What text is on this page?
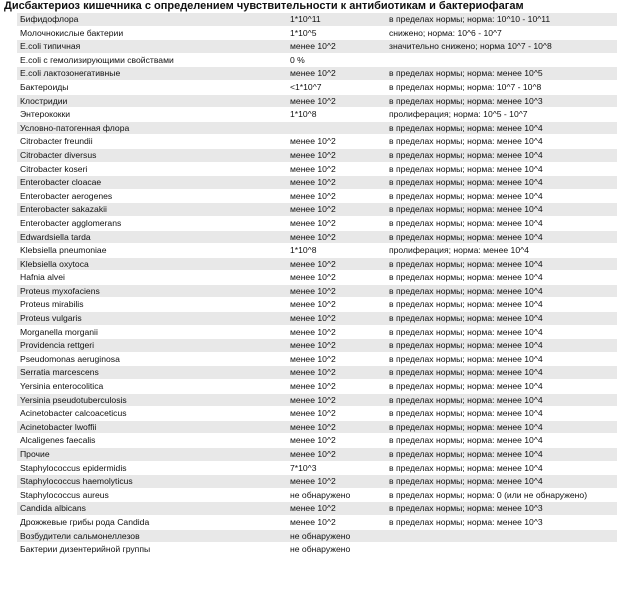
Дисбактериоз кишечника с определением чувствительности к антибиотикам и бактериофагам
Бифидофлора	1*10^11	в пределах нормы; норма: 10^10 - 10^11
Молочнокислые бактерии	1*10^5	снижено; норма: 10^6 - 10^7
E.coli типичная	менее 10^2	значительно снижено; норма 10^7 - 10^8
E.coli с гемолизирующими свойствами	0 %	
E.coli лактозонегативные	менее 10^2	в пределах нормы; норма: менее 10^5
Бактероиды	<1*10^7	в пределах нормы; норма: 10^7 - 10^8
Клостридии	менее 10^2	в пределах нормы; норма: менее 10^3
Энтерококки	1*10^8	пролиферация; норма: 10^5 - 10^7
Условно-патогенная флора		в пределах нормы; норма: менее 10^4
Citrobacter freundii	менее 10^2	в пределах нормы; норма: менее 10^4
Citrobacter diversus	менее 10^2	в пределах нормы; норма: менее 10^4
Citrobacter koseri	менее 10^2	в пределах нормы; норма: менее 10^4
Enterobacter cloacae	менее 10^2	в пределах нормы; норма: менее 10^4
Enterobacter aerogenes	менее 10^2	в пределах нормы; норма: менее 10^4
Enterobacter sakazakii	менее 10^2	в пределах нормы; норма: менее 10^4
Enterobacter agglomerans	менее 10^2	в пределах нормы; норма: менее 10^4
Edwardsiella tarda	менее 10^2	в пределах нормы; норма: менее 10^4
Klebsiella pneumoniae	1*10^8	пролиферация; норма: менее 10^4
Klebsiella oxytoca	менее 10^2	в пределах нормы; норма: менее 10^4
Hafnia alvei	менее 10^2	в пределах нормы; норма: менее 10^4
Proteus myxofaciens	менее 10^2	в пределах нормы; норма: менее 10^4
Proteus mirabilis	менее 10^2	в пределах нормы; норма: менее 10^4
Proteus vulgaris	менее 10^2	в пределах нормы; норма: менее 10^4
Morganella morganii	менее 10^2	в пределах нормы; норма: менее 10^4
Providencia rettgeri	менее 10^2	в пределах нормы; норма: менее 10^4
Pseudomonas aeruginosa	менее 10^2	в пределах нормы; норма: менее 10^4
Serratia marcescens	менее 10^2	в пределах нормы; норма: менее 10^4
Yersinia enterocolitica	менее 10^2	в пределах нормы; норма: менее 10^4
Yersinia pseudotuberculosis	менее 10^2	в пределах нормы; норма: менее 10^4
Acinetobacter calcoaceticus	менее 10^2	в пределах нормы; норма: менее 10^4
Acinetobacter lwoffii	менее 10^2	в пределах нормы; норма: менее 10^4
Alcaligenes faecalis	менее 10^2	в пределах нормы; норма: менее 10^4
Прочие	менее 10^2	в пределах нормы; норма: менее 10^4
Staphylococcus epidermidis	7*10^3	в пределах нормы; норма: менее 10^4
Staphylococcus haemolyticus	менее 10^2	в пределах нормы; норма: менее 10^4
Staphylococcus aureus	не обнаружено	в пределах нормы; норма: 0 (или не обнаружено)
Candida albicans	менее 10^2	в пределах нормы; норма: менее 10^3
Дрожжевые грибы рода Candida	менее 10^2	в пределах нормы; норма: менее 10^3
Возбудители сальмонеллезов	не обнаружено	
Бактерии дизентерийной группы	не обнаружено	
